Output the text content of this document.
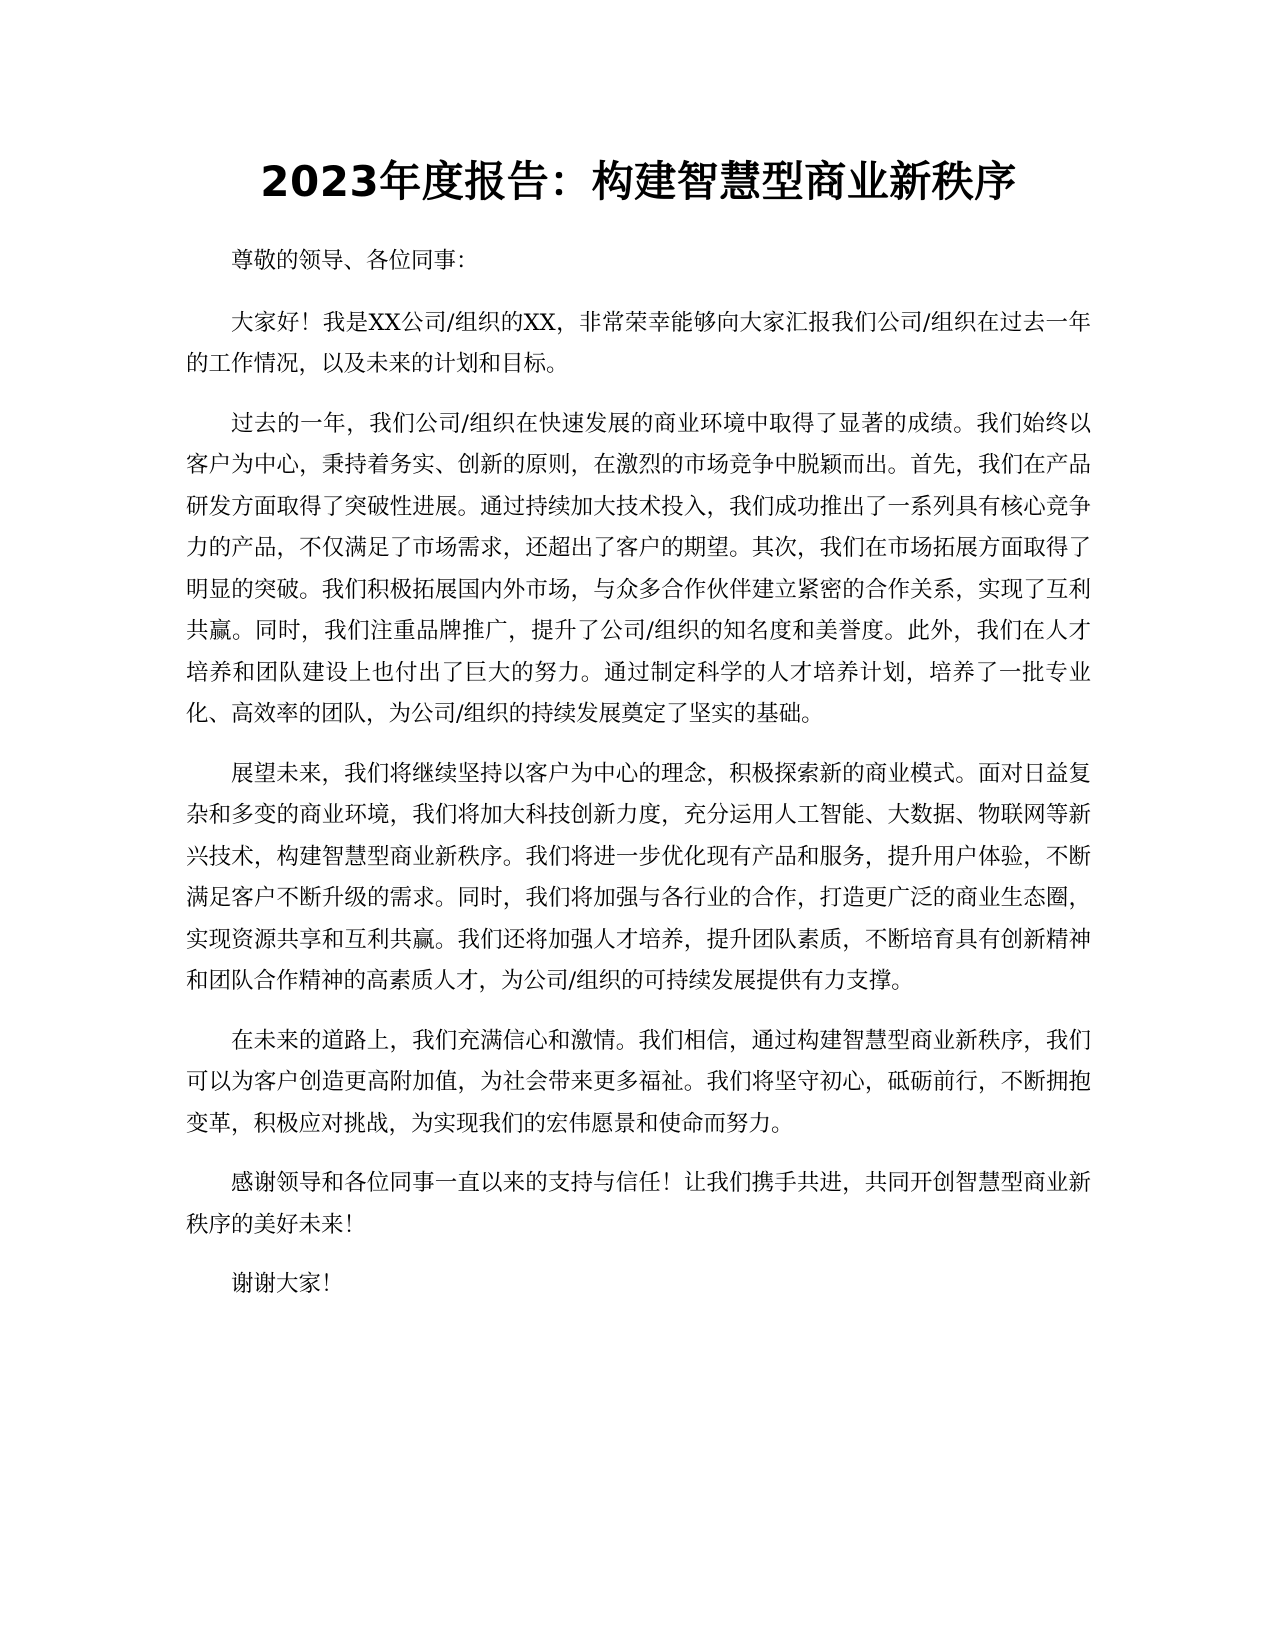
2023年度报告：构建智慧型商业新秩序

尊敬的领导、各位同事：

大家好！我是XX公司/组织的XX，非常荣幸能够向大家汇报我们公司/组织在过去一年的工作情况，以及未来的计划和目标。

过去的一年，我们公司/组织在快速发展的商业环境中取得了显著的成绩。我们始终以客户为中心，秉持着务实、创新的原则，在激烈的市场竞争中脱颖而出。首先，我们在产品研发方面取得了突破性进展。通过持续加大技术投入，我们成功推出了一系列具有核心竞争力的产品，不仅满足了市场需求，还超出了客户的期望。其次，我们在市场拓展方面取得了明显的突破。我们积极拓展国内外市场，与众多合作伙伴建立紧密的合作关系，实现了互利共赢。同时，我们注重品牌推广，提升了公司/组织的知名度和美誉度。此外，我们在人才培养和团队建设上也付出了巨大的努力。通过制定科学的人才培养计划，培养了一批专业化、高效率的团队，为公司/组织的持续发展奠定了坚实的基础。

展望未来，我们将继续坚持以客户为中心的理念，积极探索新的商业模式。面对日益复杂和多变的商业环境，我们将加大科技创新力度，充分运用人工智能、大数据、物联网等新兴技术，构建智慧型商业新秩序。我们将进一步优化现有产品和服务，提升用户体验，不断满足客户不断升级的需求。同时，我们将加强与各行业的合作，打造更广泛的商业生态圈，实现资源共享和互利共赢。我们还将加强人才培养，提升团队素质，不断培育具有创新精神和团队合作精神的高素质人才，为公司/组织的可持续发展提供有力支撑。

在未来的道路上，我们充满信心和激情。我们相信，通过构建智慧型商业新秩序，我们可以为客户创造更高附加值，为社会带来更多福祉。我们将坚守初心，砥砺前行，不断拥抱变革，积极应对挑战，为实现我们的宏伟愿景和使命而努力。

感谢领导和各位同事一直以来的支持与信任！让我们携手共进，共同开创智慧型商业新秩序的美好未来！

谢谢大家！
